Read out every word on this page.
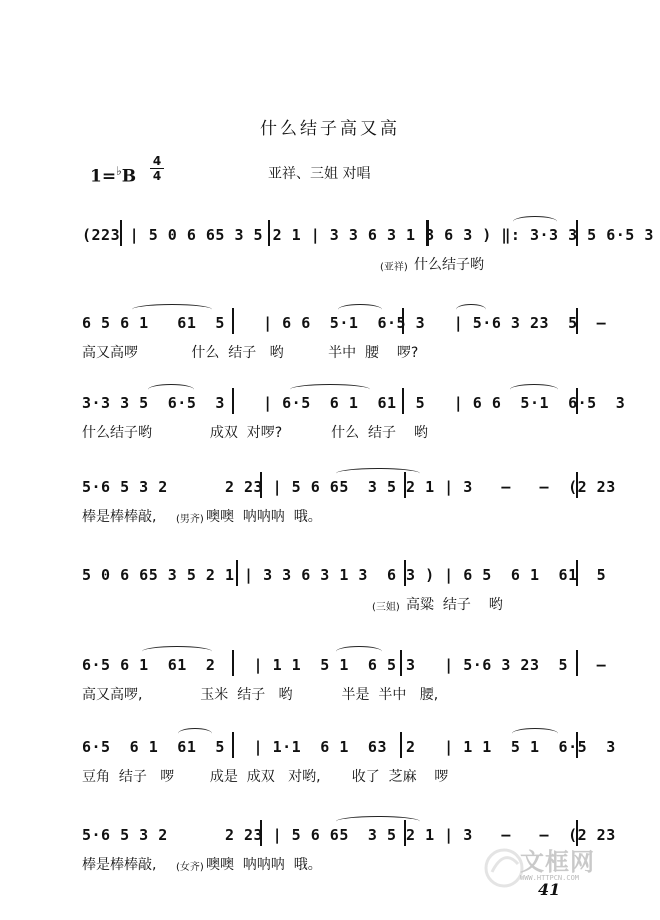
什么结子高又高
1=♭B
4
4	亚祥、三姐 对唱
(223 | 5 0 6 65 3 5 2 1 | 3 3 6 3 1 3 6 3 ) ‖: 3·3 3 5 6·5 3
(亚祥) 什么结子哟
6 5 6 1   61  5    | 6 6  5·1  6·5 3   | 5·6 3 23  5  —
高又高啰            什么  结子   哟          半中  腰    啰?
3·3 3 5  6·5  3    | 6·5  6 1  61  5   | 6 6  5·1  6·5  3
什么结子哟             成双  对啰?           什么  结子    哟
5·6 5 3 2      2 23 | 5 6 65  3 5 2 1 | 3   —   —  (2 23
棒是棒棒敲, (男齐) 噢噢  呐呐呐  哦。
5 0 6 65 3 5 2 1 | 3 3 6 3 1 3  6 3 ) | 6 5  6 1  61  5
(三姐) 高粱  结子    哟
6·5 6 1  61  2    | 1 1  5 1  6 5 3   | 5·6 3 23  5   —
高又高啰,             玉米  结子   哟           半是  半中   腰,
6·5  6 1  61  5   | 1·1  6 1  63  2   | 1 1  5 1  6·5  3
豆角  结子   啰        成是  成双   对哟,       收了  芝麻    啰
5·6 5 3 2      2 23 | 5 6 65  3 5 2 1 | 3   —   —  (2 23
棒是棒棒敲, (女齐) 噢噢  呐呐呐  哦。	文框网
WWW.HTTPCN.COM
41
